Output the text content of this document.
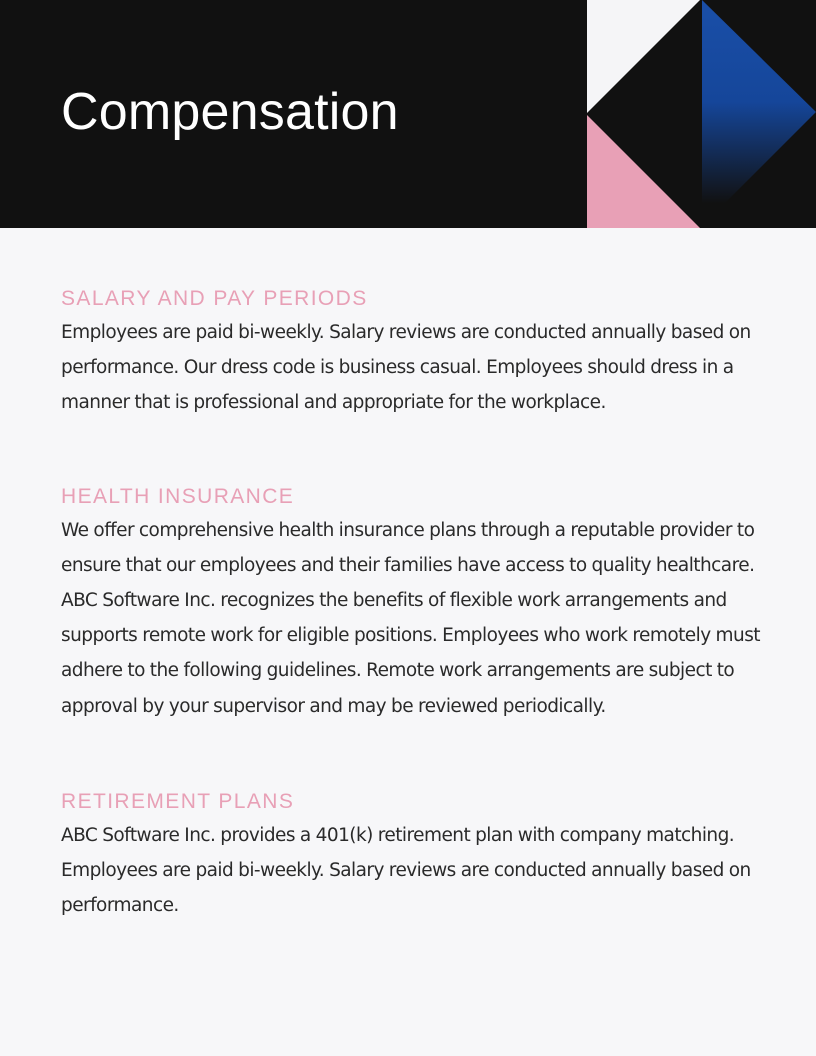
Compensation
SALARY AND PAY PERIODS

Employees are paid bi-weekly. Salary reviews are conducted annually based on performance. Our dress code is business casual. Employees should dress in a manner that is professional and appropriate for the workplace.

HEALTH INSURANCE

We offer comprehensive health insurance plans through a reputable provider to ensure that our employees and their families have access to quality healthcare. ABC Software Inc. recognizes the benefits of flexible work arrangements and supports remote work for eligible positions. Employees who work remotely must adhere to the following guidelines. Remote work arrangements are subject to approval by your supervisor and may be reviewed periodically.

RETIREMENT PLANS

ABC Software Inc. provides a 401(k) retirement plan with company matching. Employees are paid bi-weekly. Salary reviews are conducted annually based on performance.
